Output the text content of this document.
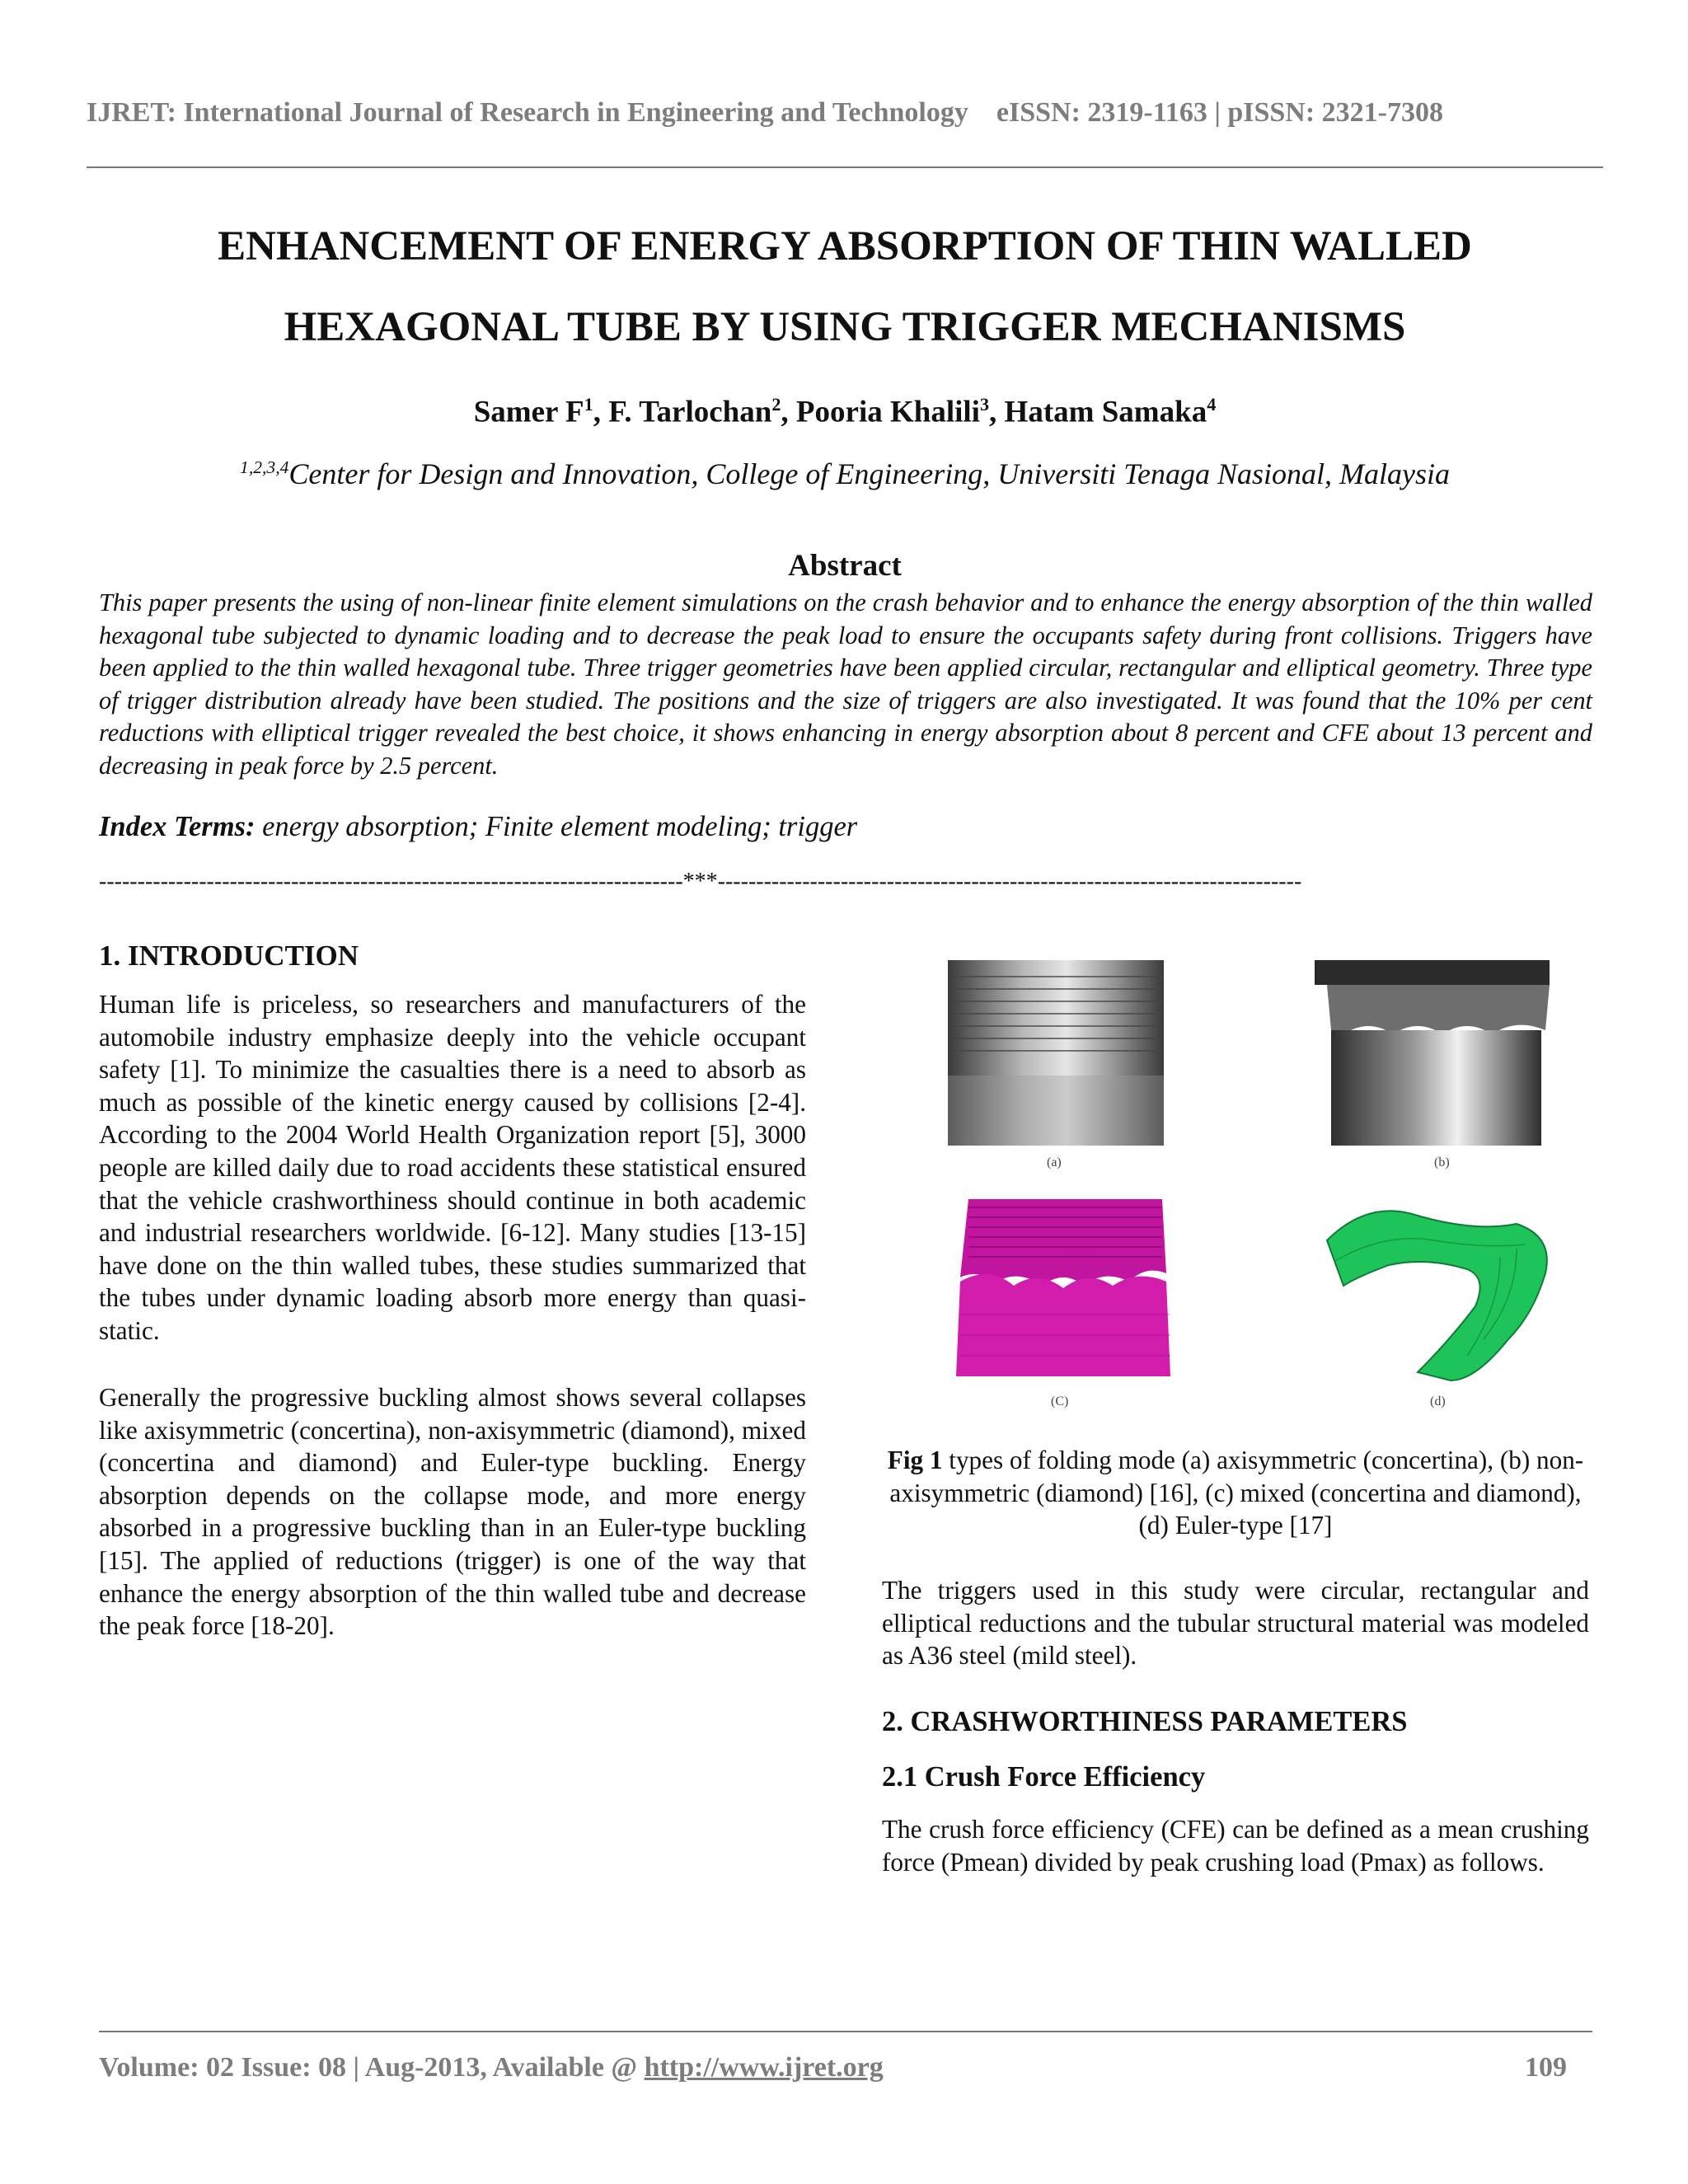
IJRET: International Journal of Research in Engineering and Technology eISSN: 2319-1163 | pISSN: 2321-7308
ENHANCEMENT OF ENERGY ABSORPTION OF THIN WALLED
HEXAGONAL TUBE BY USING TRIGGER MECHANISMS
Samer $F^1$, F. Tarlochan$^2$, Pooria Khalili$^3$, Hatam Samaka$^4$
$^{1,2,3,4}$Center for Design and Innovation, College of Engineering, Universiti Tenaga Nasional, Malaysia
Abstract
This paper presents the using of non-linear finite element simulations on the crash behavior and to enhance the energy absorption of the thin walled hexagonal tube subjected to dynamic loading and to decrease the peak load to ensure the occupants safety during front collisions. Triggers have been applied to the thin walled hexagonal tube. Three trigger geometries have been applied circular, rectangular and elliptical geometry. Three type of trigger distribution already have been studied. The positions and the size of triggers are also investigated. It was found that the 10% per cent reductions with elliptical trigger revealed the best choice, it shows enhancing in energy absorption about 8 percent and CFE about 13 percent and decreasing in peak force by 2.5 percent.
Index Terms: energy absorption; Finite element modeling; trigger
----------------------------------------------------------------------------***----------------------------------------------------------------------------
1. INTRODUCTION

Human life is priceless, so researchers and manufacturers of the automobile industry emphasize deeply into the vehicle occupant safety [1]. To minimize the casualties there is a need to absorb as much as possible of the kinetic energy caused by collisions [2-4]. According to the 2004 World Health Organization report [5], 3000 people are killed daily due to road accidents these statistical ensured that the vehicle crashworthiness should continue in both academic and industrial researchers worldwide. [6-12]. Many studies [13-15] have done on the thin walled tubes, these studies summarized that the tubes under dynamic loading absorb more energy than quasi-static.

Generally the progressive buckling almost shows several collapses like axisymmetric (concertina), non-axisymmetric (diamond), mixed (concertina and diamond) and Euler-type buckling. Energy absorption depends on the collapse mode, and more energy absorbed in a progressive buckling than in an Euler-type buckling [15]. The applied of reductions (trigger) is one of the way that enhance the energy absorption of the thin walled tube and decrease the peak force [18-20].

(a)	(b)
(C)	(d)
Fig 1 types of folding mode (a) axisymmetric (concertina), (b) non-axisymmetric (diamond) [16], (c) mixed (concertina and diamond), (d) Euler-type [17]

The triggers used in this study were circular, rectangular and elliptical reductions and the tubular structural material was modeled as A36 steel (mild steel).

2. CRASHWORTHINESS PARAMETERS
2.1 Crush Force Efficiency

The crush force efficiency (CFE) can be defined as a mean crushing force (Pmean) divided by peak crushing load (Pmax) as follows.

Volume: 02 Issue: 08 | Aug-2013, Available @ http://www.ijret.org	109
